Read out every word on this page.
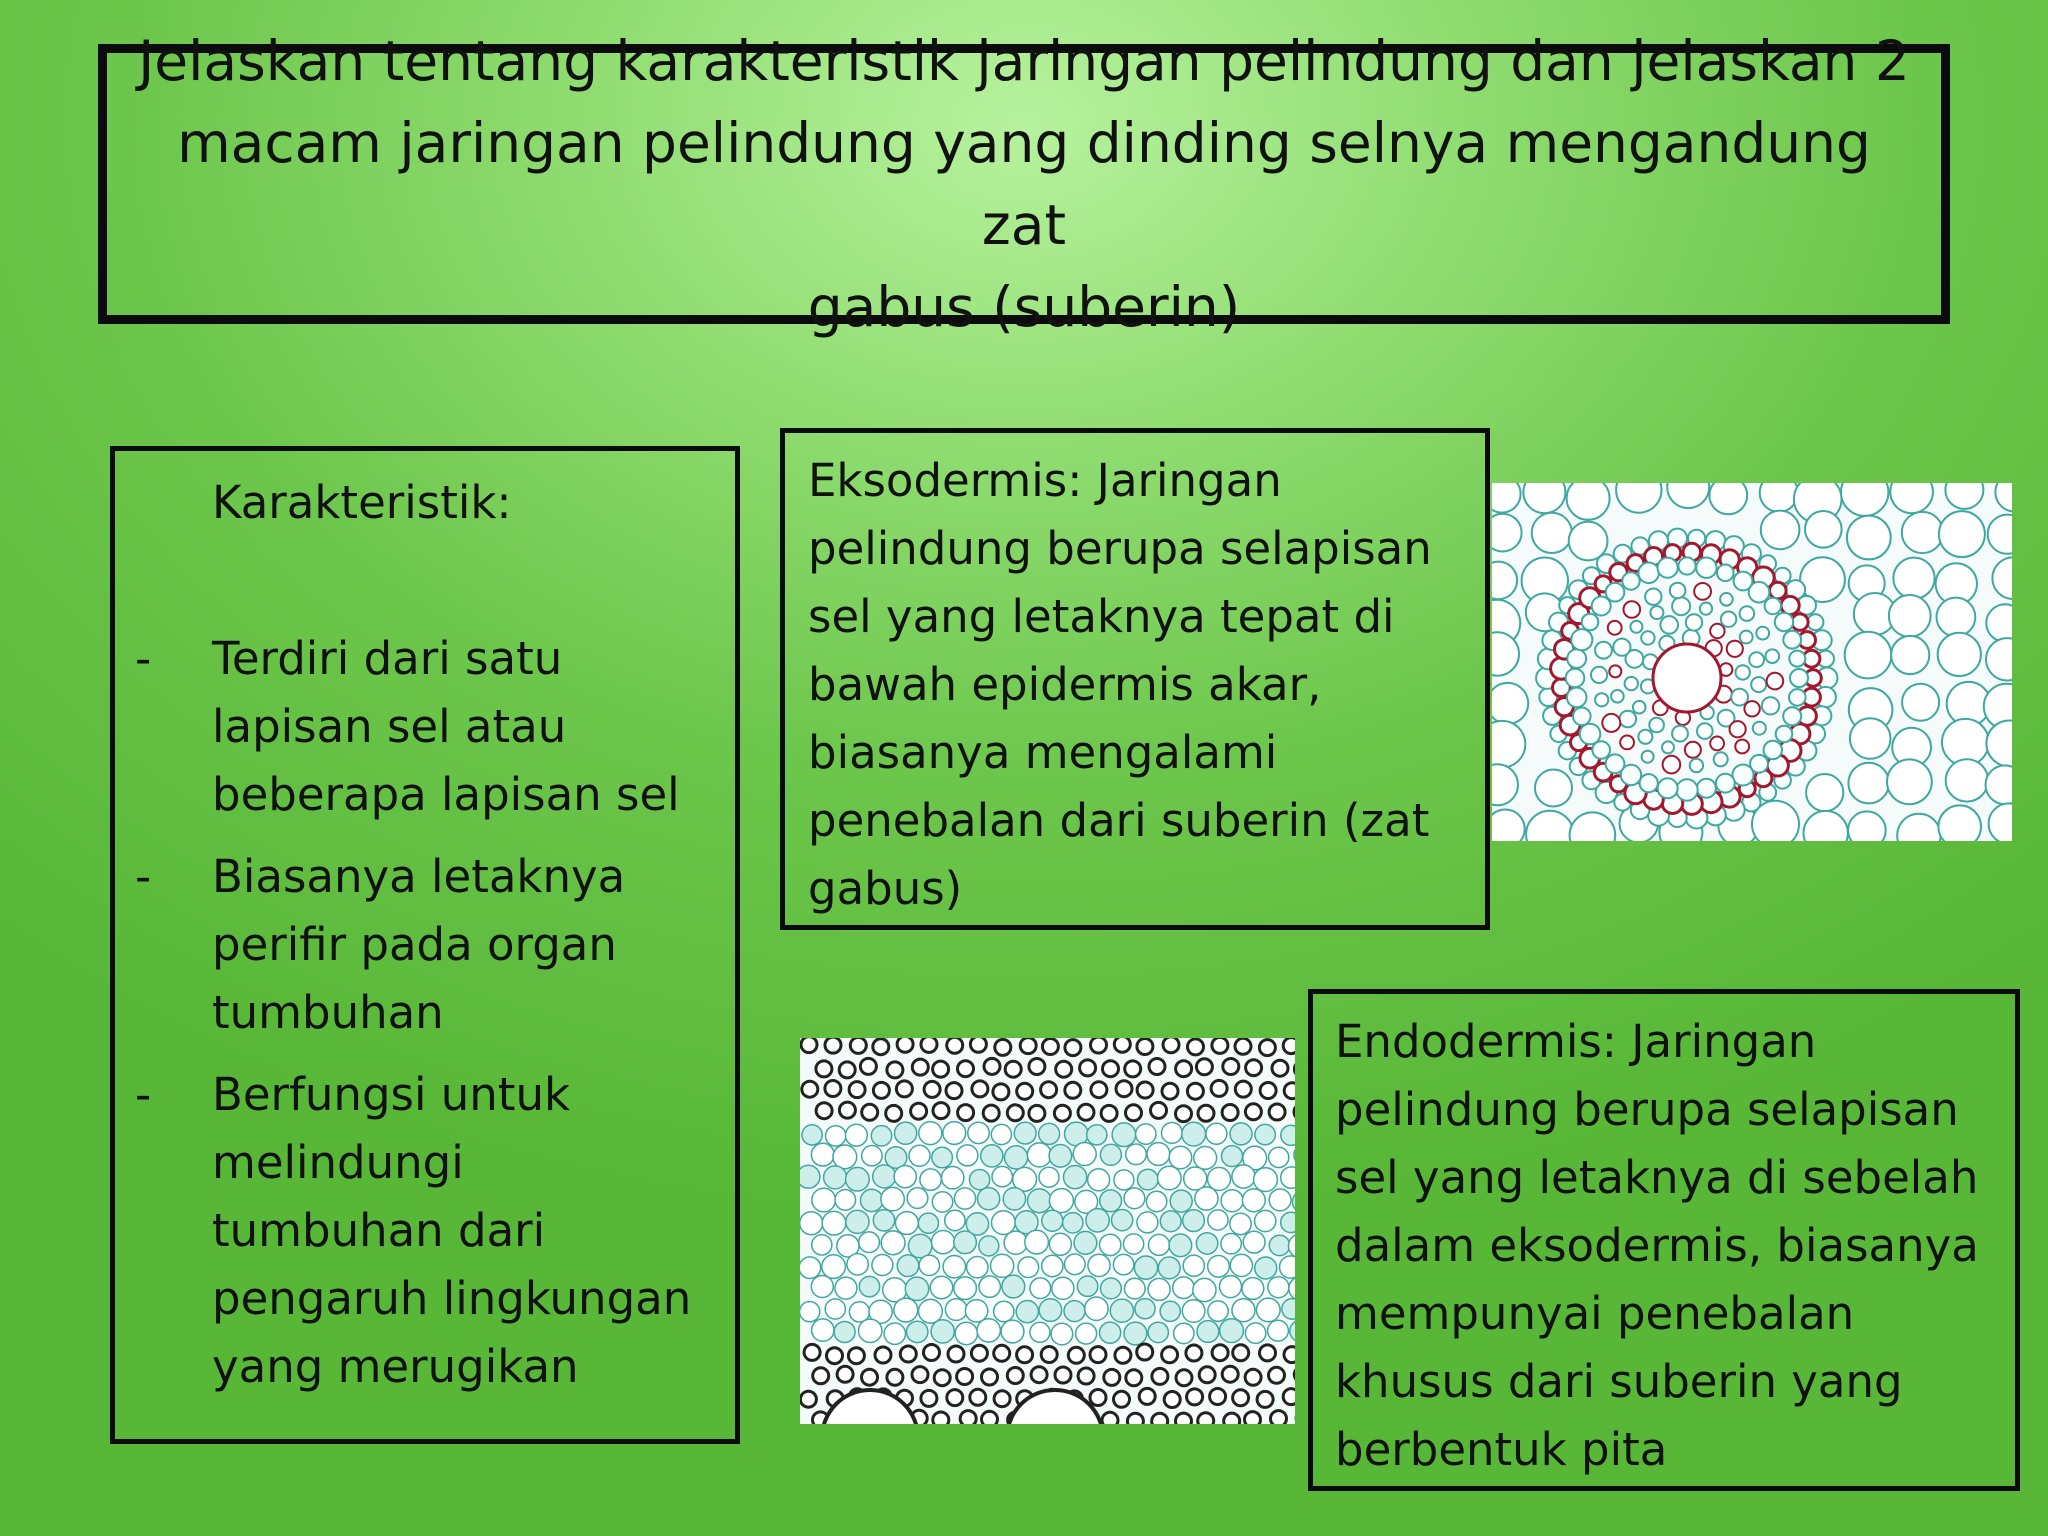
Jelaskan tentang karakteristik jaringan pelindung dan jelaskan 2
macam jaringan pelindung yang dinding selnya mengandung zat
gabus (suberin)
Karakteristik:
- Terdiri dari satu
lapisan sel atau
beberapa lapisan sel
- Biasanya letaknya
perifir pada organ
tumbuhan
- Berfungsi untuk
melindungi
tumbuhan dari
pengaruh lingkungan
yang merugikan
Eksodermis: Jaringan
pelindung berupa selapisan
sel yang letaknya tepat di
bawah epidermis akar,
biasanya mengalami
penebalan dari suberin (zat
gabus)
Endodermis: Jaringan
pelindung berupa selapisan
sel yang letaknya di sebelah
dalam eksodermis, biasanya
mempunyai penebalan
khusus dari suberin yang
berbentuk pita
